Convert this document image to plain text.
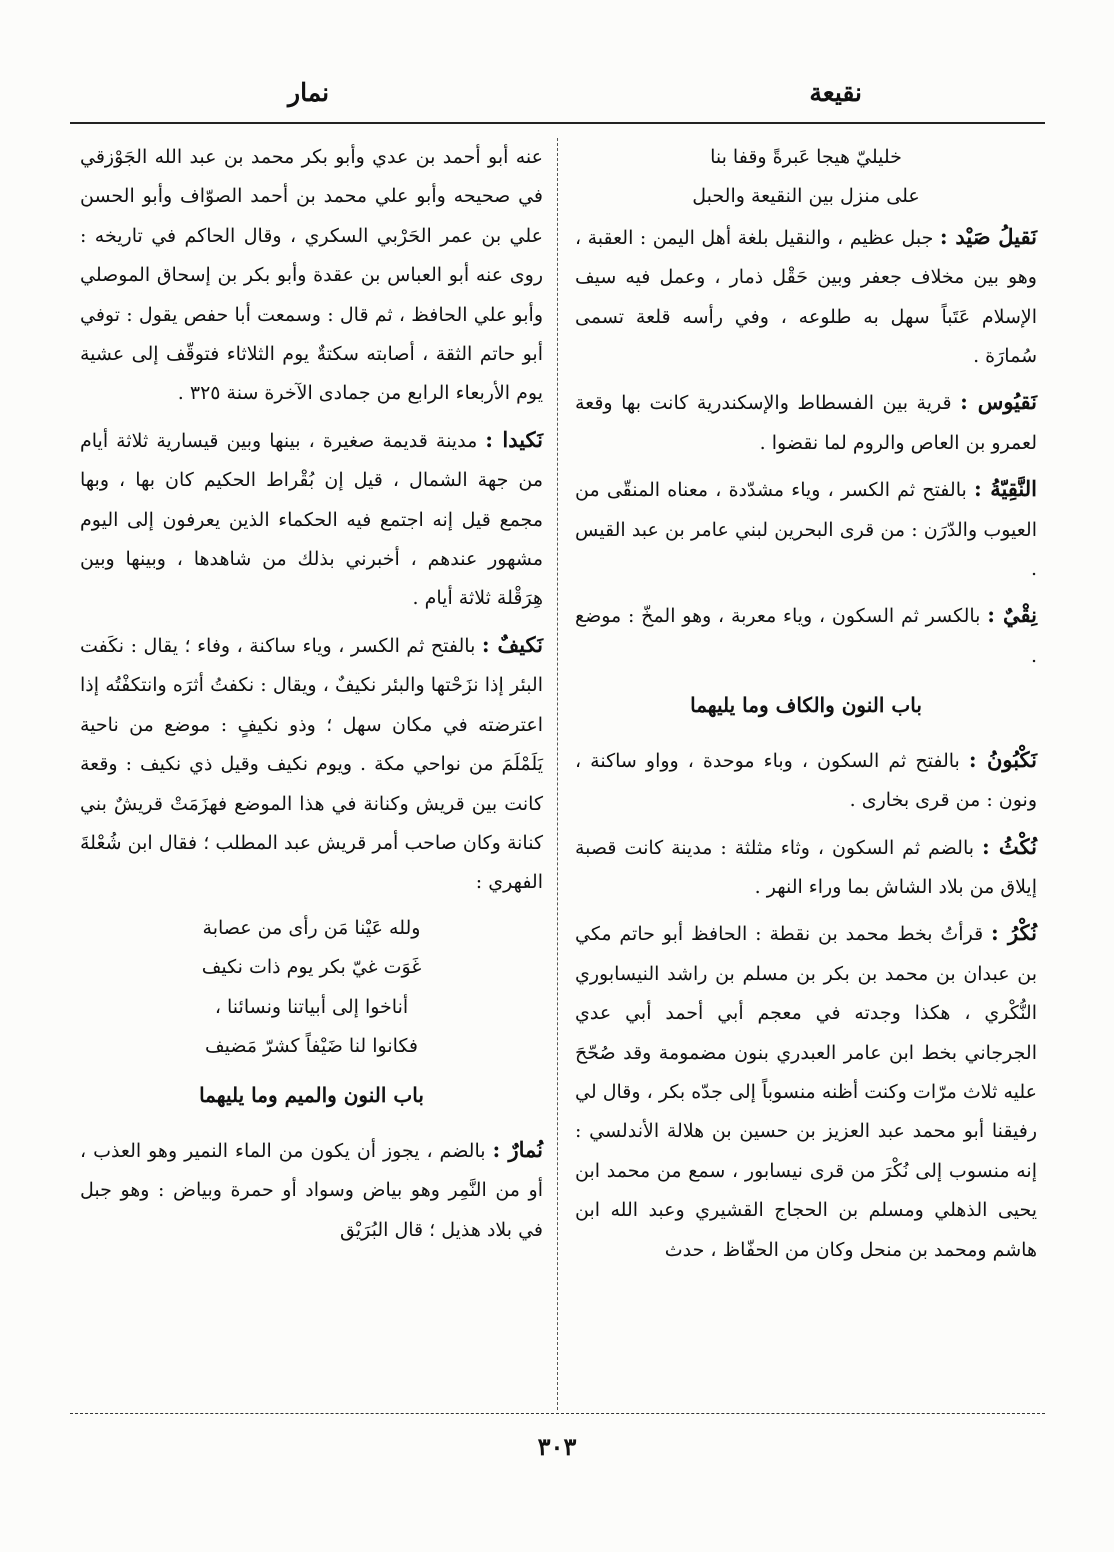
نقيعة
نمار
خليليّ هيجا عَبرةً وقفا بنا
على منزل بين النقيعة والحبل
نَقيلُ صَيْد : جبل عظيم ، والنقيل بلغة أهل اليمن : العقبة ، وهو بين مخلاف جعفر وبين حَقْل ذمار ، وعمل فيه سيف الإسلام عَتَباً سهل به طلوعه ، وفي رأسه قلعة تسمى سُمارَة .
نَقيُوس : قرية بين الفسطاط والإسكندرية كانت بها وقعة لعمرو بن العاص والروم لما نقضوا .
النَّقِيّةُ : بالفتح ثم الكسر ، وياء مشدّدة ، معناه المنقّى من العيوب والدّرَن : من قرى البحرين لبني عامر بن عبد القيس .
نِقْيٌ : بالكسر ثم السكون ، وياء معربة ، وهو المخّ : موضع .
باب النون والكاف وما يليهما
نَكْبُونُ : بالفتح ثم السكون ، وباء موحدة ، وواو ساكنة ، ونون : من قرى بخارى .
نُكْثُ : بالضم ثم السكون ، وثاء مثلثة : مدينة كانت قصبة إيلاق من بلاد الشاش بما وراء النهر .
نُكْرُ : قرأتُ بخط محمد بن نقطة : الحافظ أبو حاتم مكي بن عبدان بن محمد بن بكر بن مسلم بن راشد النيسابوري النُّكْري ، هكذا وجدته في معجم أبي أحمد أبي عدي الجرجاني بخط ابن عامر العبدري بنون مضمومة وقد صُحّحَ عليه ثلاث مرّات وكنت أظنه منسوباً إلى جدّه بكر ، وقال لي رفيقنا أبو محمد عبد العزيز بن حسين بن هلالة الأندلسي : إنه منسوب إلى نُكْرَ من قرى نيسابور ، سمع من محمد ابن يحيى الذهلي ومسلم بن الحجاج القشيري وعبد الله ابن هاشم ومحمد بن منحل وكان من الحفّاظ ، حدث
عنه أبو أحمد بن عدي وأبو بكر محمد بن عبد الله الجَوْزقي في صحيحه وأبو علي محمد بن أحمد الصوّاف وأبو الحسن علي بن عمر الحَرْبي السكري ، وقال الحاكم في تاريخه : روى عنه أبو العباس بن عقدة وأبو بكر بن إسحاق الموصلي وأبو علي الحافظ ، ثم قال : وسمعت أبا حفص يقول : توفي أبو حاتم الثقة ، أصابته سكتةٌ يوم الثلاثاء فتوقّف إلى عشية يوم الأربعاء الرابع من جمادى الآخرة سنة ٣٢٥ .
نَكيدا : مدينة قديمة صغيرة ، بينها وبين قيسارية ثلاثة أيام من جهة الشمال ، قيل إن بُقْراط الحكيم كان بها ، وبها مجمع قيل إنه اجتمع فيه الحكماء الذين يعرفون إلى اليوم مشهور عندهم ، أخبرني بذلك من شاهدها ، وبينها وبين هِرَقْلة ثلاثة أيام .
نَكيفٌ : بالفتح ثم الكسر ، وياء ساكنة ، وفاء ؛ يقال : نكَفت البئر إذا نزَحْتها والبئر نكيفٌ ، ويقال : نكفتُ أثرَه وانتكفْتُه إذا اعترضته في مكان سهل ؛ وذو نكيفٍ : موضع من ناحية يَلَمْلَمَ من نواحي مكة . ويوم نكيف وقيل ذي نكيف : وقعة كانت بين قريش وكنانة في هذا الموضع فهزَمَتْ قريشٌ بني كنانة وكان صاحب أمر قريش عبد المطلب ؛ فقال ابن شُعْلةَ الفهري :
ولله عَيْنا مَن رأى من عصابة
غَوَت غيّ بكر يوم ذات نكيف
أناخوا إلى أبياتنا ونسائنا ،
فكانوا لنا ضَيْفاً كشرّ مَضيف
باب النون والميم وما يليهما
نُمارٌ : بالضم ، يجوز أن يكون من الماء النمير وهو العذب ، أو من النَّمِر وهو بياض وسواد أو حمرة وبياض : وهو جبل في بلاد هذيل ؛ قال البُرَيْق
٣٠٣
